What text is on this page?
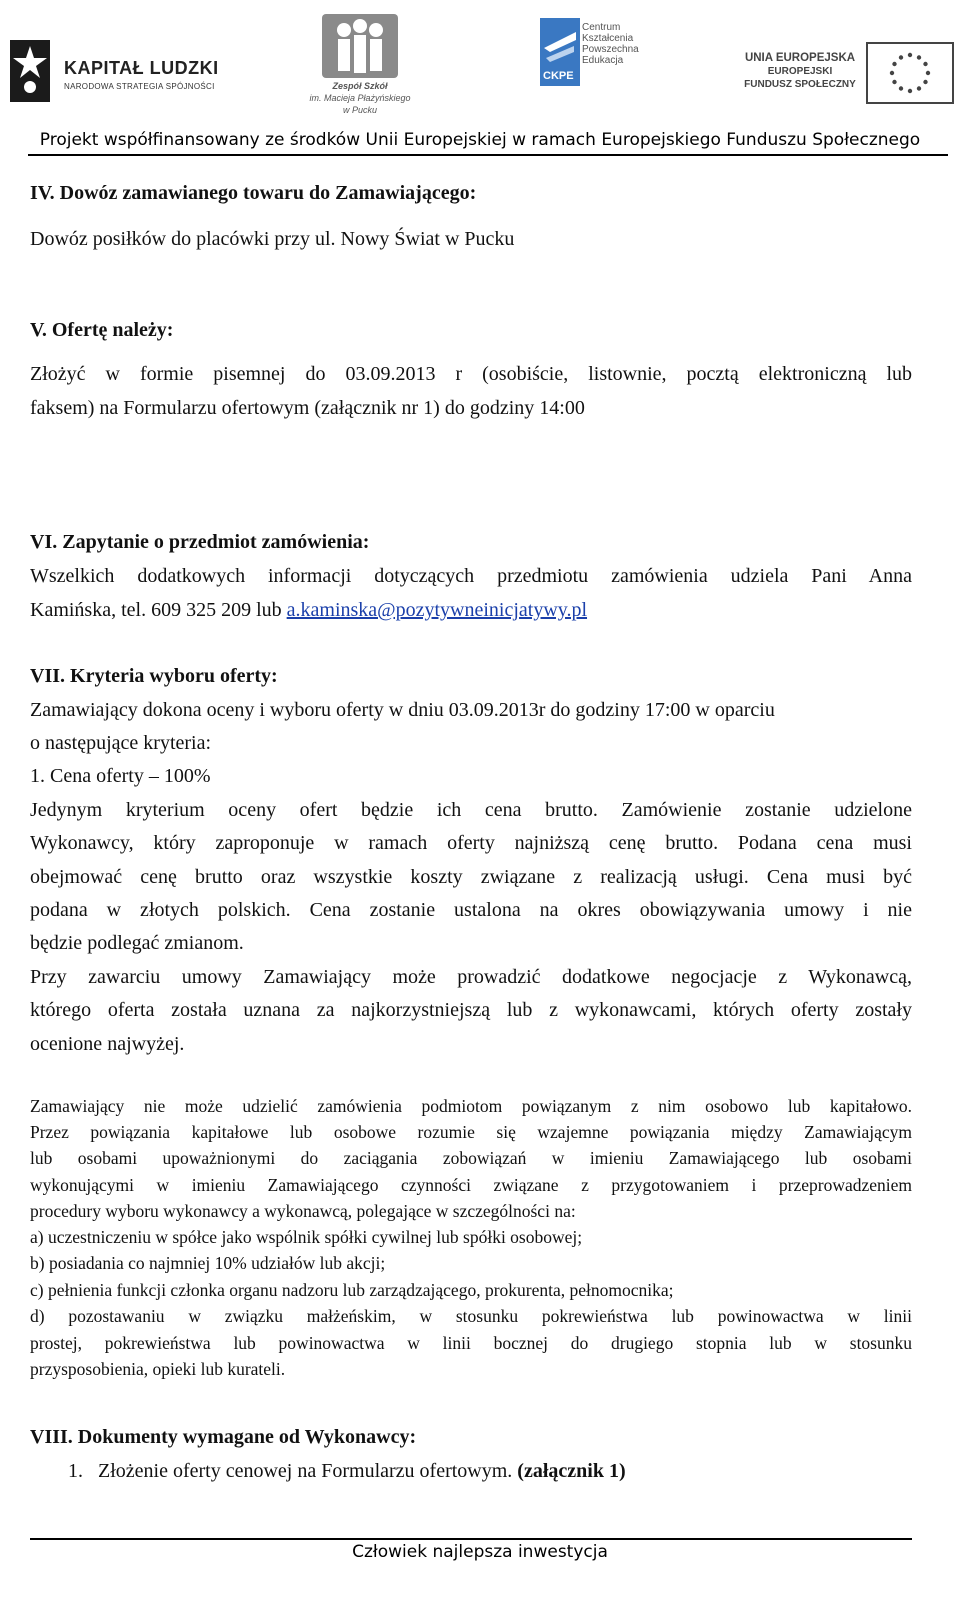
KAPITAŁ LUDZKI
NARODOWA STRATEGIA SPÓJNOŚCI	Zespół Szkół
im. Macieja Płażyńskiego
w Pucku
Centrum
Kształcenia
Powszechna
Edukacja
CKPE
UNIA EUROPEJSKA
EUROPEJSKI
FUNDUSZ SPOŁECZNY
Projekt współfinansowany ze środków Unii Europejskiej w ramach Europejskiego Funduszu Społecznego
IV. Dowóz zamawianego towaru do Zamawiającego:
Dowóz posiłków do placówki przy ul. Nowy Świat w Pucku
V. Ofertę należy:
Złożyć w formie pisemnej do 03.09.2013 r (osobiście, listownie, pocztą elektroniczną lub
faksem) na Formularzu ofertowym (załącznik nr 1) do godziny 14:00
VI. Zapytanie o przedmiot zamówienia:
Wszelkich dodatkowych informacji dotyczących przedmiotu zamówienia udziela Pani Anna
Kamińska, tel. 609 325 209 lub a.kaminska@pozytywneinicjatywy.pl
VII. Kryteria wyboru oferty:
Zamawiający dokona oceny i wyboru oferty w dniu 03.09.2013r do godziny 17:00 w oparciu
o następujące kryteria:
1. Cena oferty – 100%
Jedynym kryterium oceny ofert będzie ich cena brutto. Zamówienie zostanie udzielone
Wykonawcy, który zaproponuje w ramach oferty najniższą cenę brutto. Podana cena musi
obejmować cenę brutto oraz wszystkie koszty związane z realizacją usługi. Cena musi być
podana w złotych polskich. Cena zostanie ustalona na okres obowiązywania umowy i nie
będzie podlegać zmianom.
Przy zawarciu umowy Zamawiający może prowadzić dodatkowe negocjacje z Wykonawcą,
którego oferta została uznana za najkorzystniejszą lub z wykonawcami, których oferty zostały
ocenione najwyżej.
Zamawiający nie może udzielić zamówienia podmiotom powiązanym z nim osobowo lub kapitałowo.
Przez powiązania kapitałowe lub osobowe rozumie się wzajemne powiązania między Zamawiającym
lub osobami upoważnionymi do zaciągania zobowiązań w imieniu Zamawiającego lub osobami
wykonującymi w imieniu Zamawiającego czynności związane z przygotowaniem i przeprowadzeniem
procedury wyboru wykonawcy a wykonawcą, polegające w szczególności na:
a) uczestniczeniu w spółce jako wspólnik spółki cywilnej lub spółki osobowej;
b) posiadania co najmniej 10% udziałów lub akcji;
c) pełnienia funkcji członka organu nadzoru lub zarządzającego, prokurenta, pełnomocnika;
d) pozostawaniu w związku małżeńskim, w stosunku pokrewieństwa lub powinowactwa w linii
prostej, pokrewieństwa lub powinowactwa w linii bocznej do drugiego stopnia lub w stosunku
przysposobienia, opieki lub kurateli.
VIII. Dokumenty wymagane od Wykonawcy:
1. Złożenie oferty cenowej na Formularzu ofertowym. (załącznik 1)
Człowiek najlepsza inwestycja
